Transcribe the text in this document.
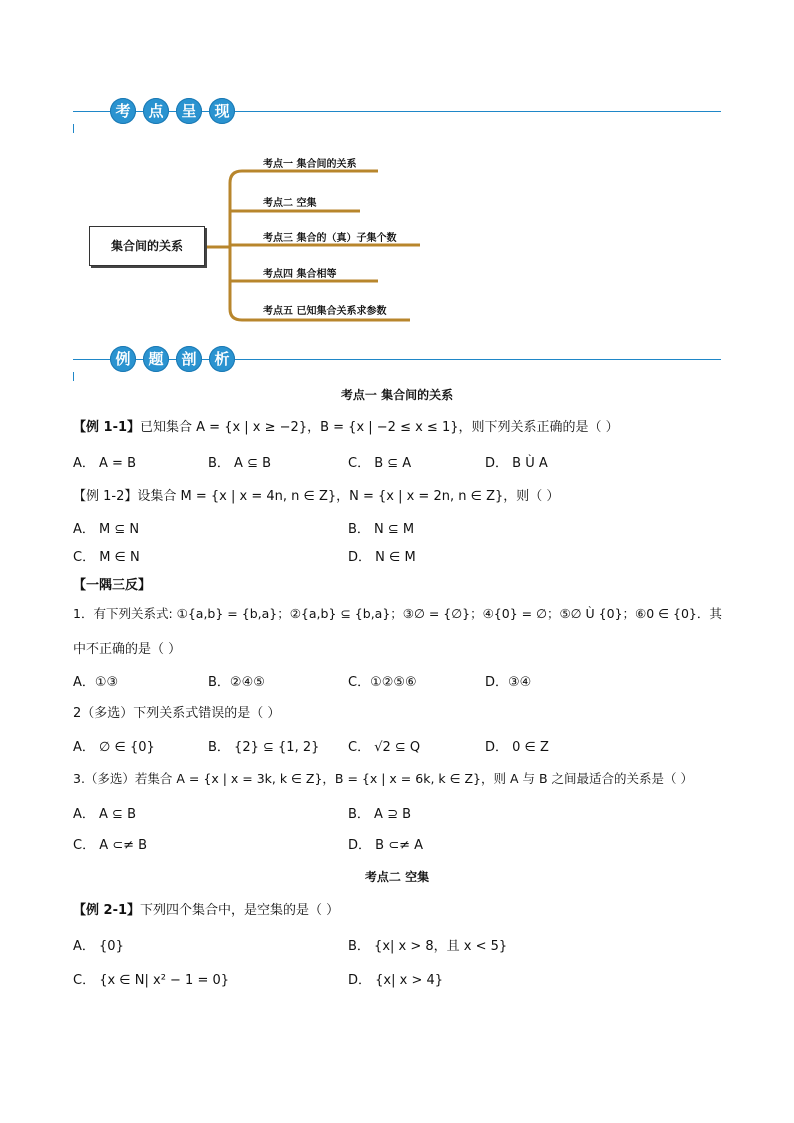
考	点	呈	现
集合间的关系
考点一 集合间的关系
考点二 空集
考点三 集合的（真）子集个数
考点四 集合相等
考点五 已知集合关系求参数
例	题	剖	析
考点一 集合间的关系
【例 1-1】已知集合 A = {x | x ≥ −2}，B = {x | −2 ≤ x ≤ 1}，则下列关系正确的是（ ）
A． A = B	B． A ⊆ B	C． B ⊆ A	D． B Ù A
【例 1-2】设集合 M = {x | x = 4n, n ∈ Z}，N = {x | x = 2n, n ∈ Z}，则（ ）
A． M ⊆ N	B． N ⊆ M
C． M ∈ N	D． N ∈ M
【一隅三反】
1．有下列关系式: ①{a,b} = {b,a}；②{a,b} ⊆ {b,a}；③∅ = {∅}；④{0} = ∅；⑤∅ Ù {0}；⑥0 ∈ {0}．其
中不正确的是（ ）
A．①③	B．②④⑤	C．①②⑤⑥	D．③④
2（多选）下列关系式错误的是（ ）
A． ∅ ∈ {0}	B． {2} ⊆ {1, 2} C． √2 ⊆ Q	D． 0 ∈ Z
3.（多选）若集合 A = {x | x = 3k, k ∈ Z}，B = {x | x = 6k, k ∈ Z}，则 A 与 B 之间最适合的关系是（ ）
A． A ⊆ B	B． A ⊇ B
C． A ⊂≠ B	D． B ⊂≠ A
考点二 空集
【例 2-1】下列四个集合中，是空集的是（ ）
A． {0}	B． {x| x > 8，且 x < 5}
C． {x ∈ N| x² − 1 = 0}	D． {x| x > 4}
